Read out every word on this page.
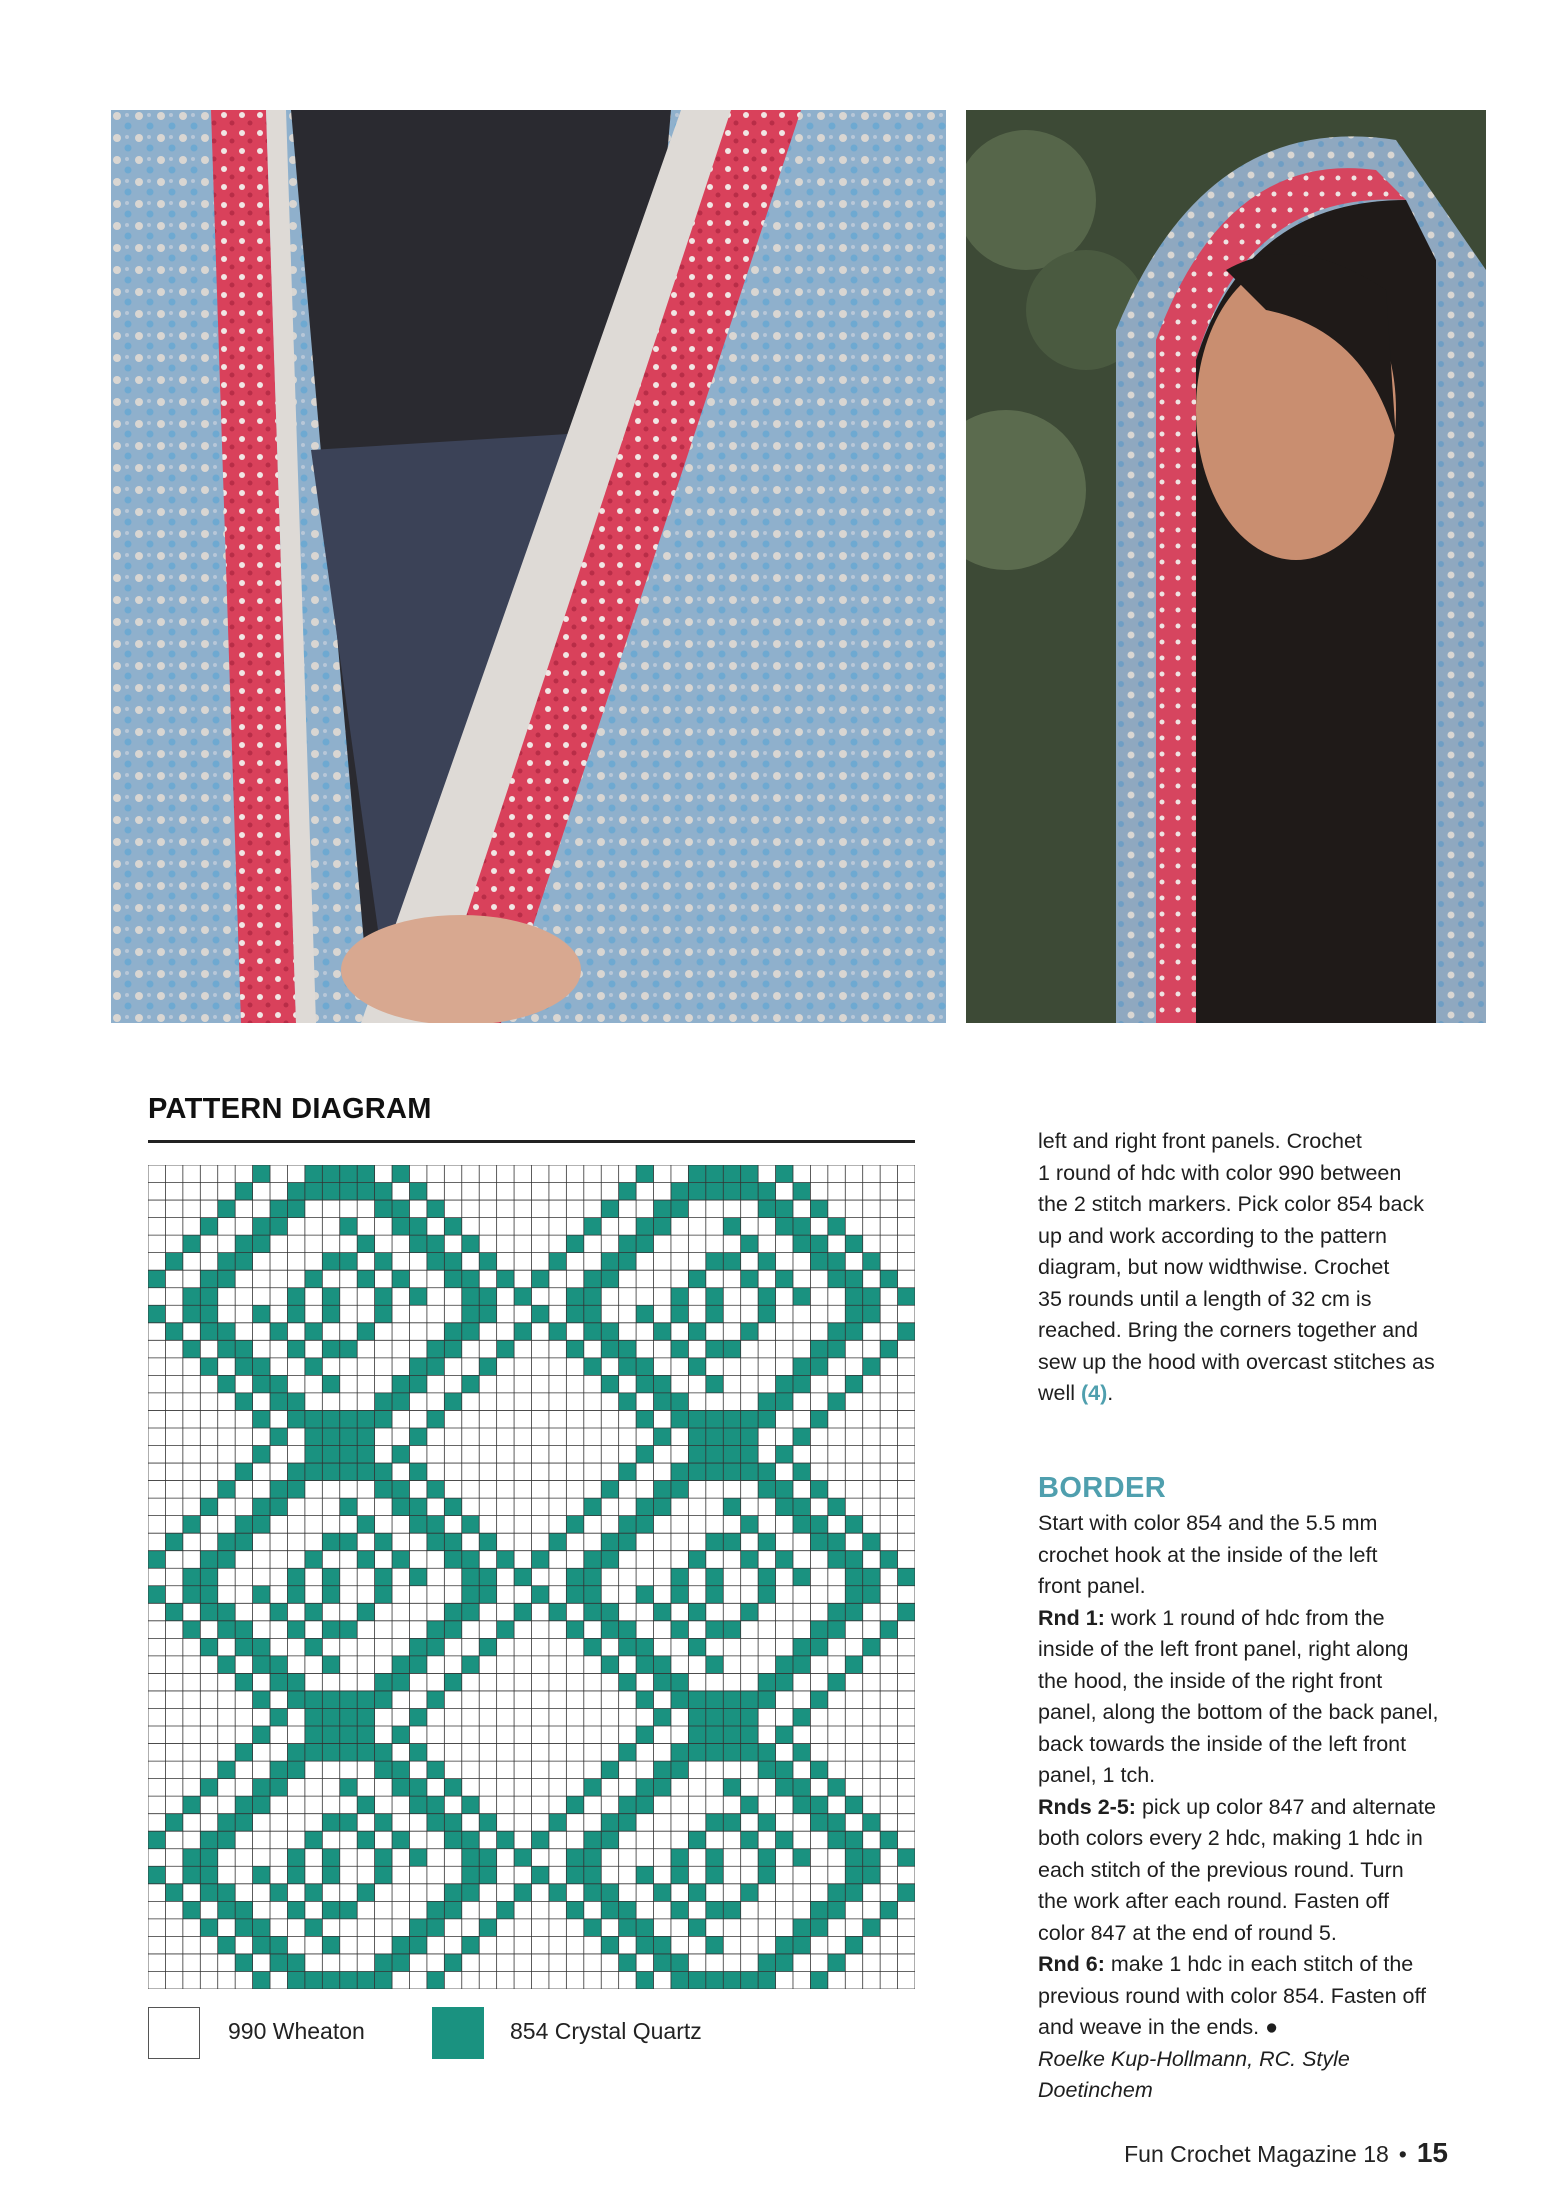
PATTERN DIAGRAM
990 Wheaton	854 Crystal Quartz
left and right front panels. Crochet
1 round of hdc with color 990 between
the 2 stitch markers. Pick color 854 back
up and work according to the pattern
diagram, but now widthwise. Crochet
35 rounds until a length of 32 cm is
reached. Bring the corners together and
sew up the hood with overcast stitches as
well (4).
BORDER
Start with color 854 and the 5.5 mm
crochet hook at the inside of the left
front panel.
Rnd 1: work 1 round of hdc from the
inside of the left front panel, right along
the hood, the inside of the right front
panel, along the bottom of the back panel,
back towards the inside of the left front
panel, 1 tch.
Rnds 2-5: pick up color 847 and alternate
both colors every 2 hdc, making 1 hdc in
each stitch of the previous round. Turn
the work after each round. Fasten off
color 847 at the end of round 5.
Rnd 6: make 1 hdc in each stitch of the
previous round with color 854. Fasten off
and weave in the ends. ●
Roelke Kup-Hollmann, RC. Style
Doetinchem
Fun Crochet Magazine 18 • 15
